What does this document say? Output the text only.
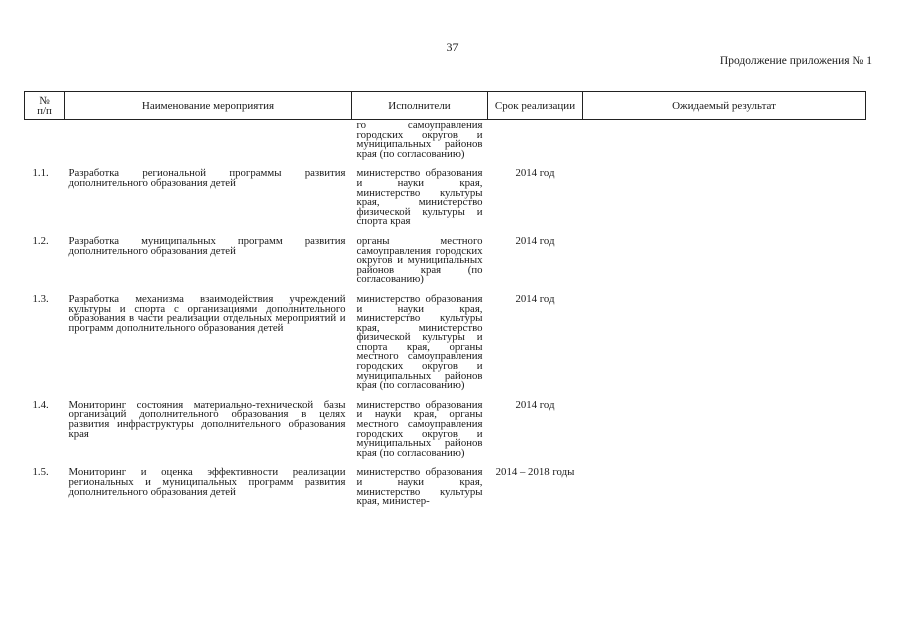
37
Продолжение приложения № 1
№
п/п	Наименование мероприятия	Исполнители	Срок реализации	Ожидаемый результат
		го самоуправления городских округов и муниципальных районов края (по согласованию)		
1.1.	Разработка региональной программы развития дополнительного образования детей	министерство образования и науки края, министерство культуры края, министерство физической культуры и спорта края	2014 год	
1.2.	Разработка муниципальных программ развития дополнительного образования детей	органы местного самоуправления городских округов и муниципальных районов края (по согласованию)	2014 год	
1.3.	Разработка механизма взаимодействия учреждений культуры и спорта с организациями дополнительного образования в части реализации отдельных мероприятий и программ дополнительного образования детей	министерство образования и науки края, министерство культуры края, министерство физической культуры и спорта края, органы местного самоуправления городских округов и муниципальных районов края (по согласованию)	2014 год	
1.4.	Мониторинг состояния материально-технической базы организаций дополнительного образования в целях развития инфраструктуры дополнительного образования края	министерство образования и науки края, органы местного самоуправления городских округов и муниципальных районов края (по согласованию)	2014 год	
1.5.	Мониторинг и оценка эффективности реализации региональных и муниципальных программ развития дополнительного образования детей	министерство образования и науки края, министерство культуры края, министер-	2014 – 2018 годы	
